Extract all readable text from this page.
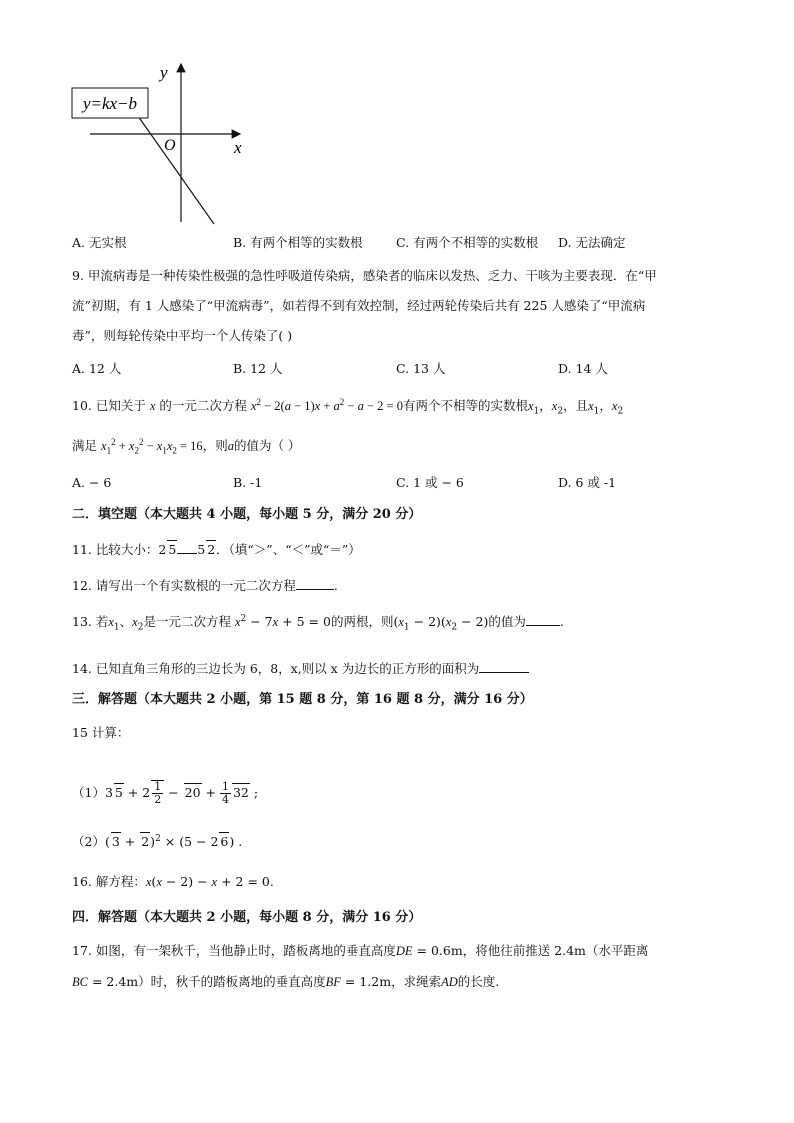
y=kx−b
y
x
O
A. 无实根	B. 有两个相等的实数根	C. 有两个不相等的实数根 D. 无法确定
9. 甲流病毒是一种传染性极强的急性呼吸道传染病，感染者的临床以发热、乏力、干咳为主要表现．在“甲
流”初期，有 1 人感染了“甲流病毒”，如若得不到有效控制，经过两轮传染后共有 225 人感染了“甲流病
毒”，则每轮传染中平均一个人传染了( )
A. 12 人	B. 12 人	C. 13 人	D. 14 人
10. 已知关于 x 的一元二次方程 $x^2 - 2(a - 1)x + a^2 - a - 2 = 0$有两个不相等的实数根$x_1$，$x_2$，且$x_1$，$x_2$
满足 $x_1^2 + x_2^2 - x_1x_2 = 16$，则a的值为（ ）
A. − 6	B. -1	C. 1 或 − 6	D. 6 或 -1
二．填空题（本大题共 4 小题，每小题 5 分，满分 20 分）
11. 比较大小：2 5 5 2．（填“＞”、“＜”或“＝”）
12. 请写出一个有实数根的一元二次方程	.
13. 若$x_1$、$x_2$是一元二次方程 $x^2 - 7x + 5 = 0$的两根，则$(x_1 - 2)(x_2 - 2)$的值为	.
14. 已知直角三角形的三边长为 6，8，x,则以 x 为边长的正方形的面积为
三．解答题（本大题共 2 小题，第 15 题 8 分，第 16 题 8 分，满分 16 分）
15 计算：
（1）3 $5 + 2 \frac{1}{2} - 20 + \frac{1}{4} 32$ ;
（2）( 3 + 2)$^2$ × (5 − 2 6) .
16. 解方程：x(x − 2) − x + 2 = 0.
四．解答题（本大题共 2 小题，每小题 8 分，满分 16 分）
17. 如图，有一架秋千，当他静止时，踏板离地的垂直高度DE = 0.6m，将他往前推送 2.4m（水平距离
BC = 2.4m）时，秋千的踏板离地的垂直高度BF = 1.2m，求绳索AD的长度.
